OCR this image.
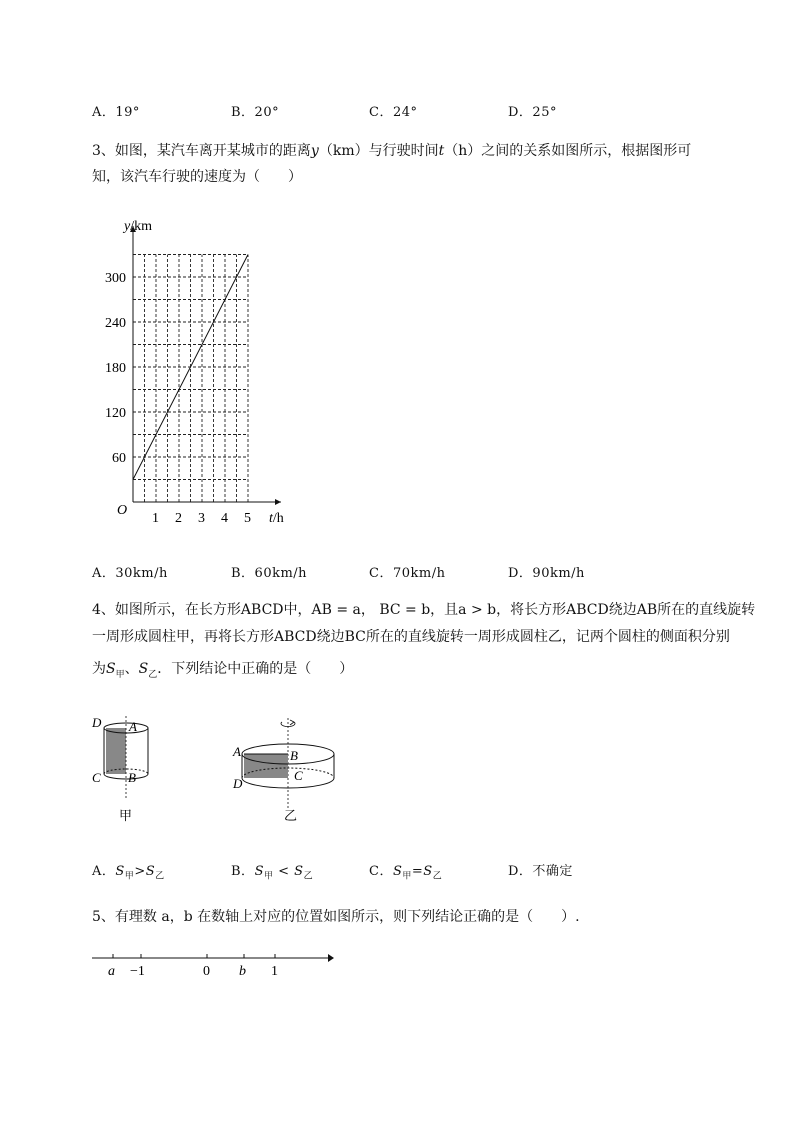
A．19°	B．20°	C．24°	D．25°
3、如图，某汽车离开某城市的距离y（km）与行驶时间t（h）之间的关系如图所示，根据图形可
知，该汽车行驶的速度为（　　）
y/km
t/h
O
1 2 3 4 5
60
120
180
300
240
A．30km/h	B．60km/h	C．70km/h	D．90km/h
4、如图所示，在长方形ABCD中，AB = a， BC = b，且a > b，将长方形ABCD绕边AB所在的直线旋转
一周形成圆柱甲，再将长方形ABCD绕边BC所在的直线旋转一周形成圆柱乙，记两个圆柱的侧面积分别
为$S_甲$、$S_乙$．下列结论中正确的是（　　）
D A
C B
甲
A	B
D
C
乙
A．$S_甲>S_乙$	B．$S_甲 < S_乙$	C．$S_甲=S_乙$	D．不确定
5、有理数 a，b 在数轴上对应的位置如图所示，则下列结论正确的是（　　）.
a −1	0 b 1
